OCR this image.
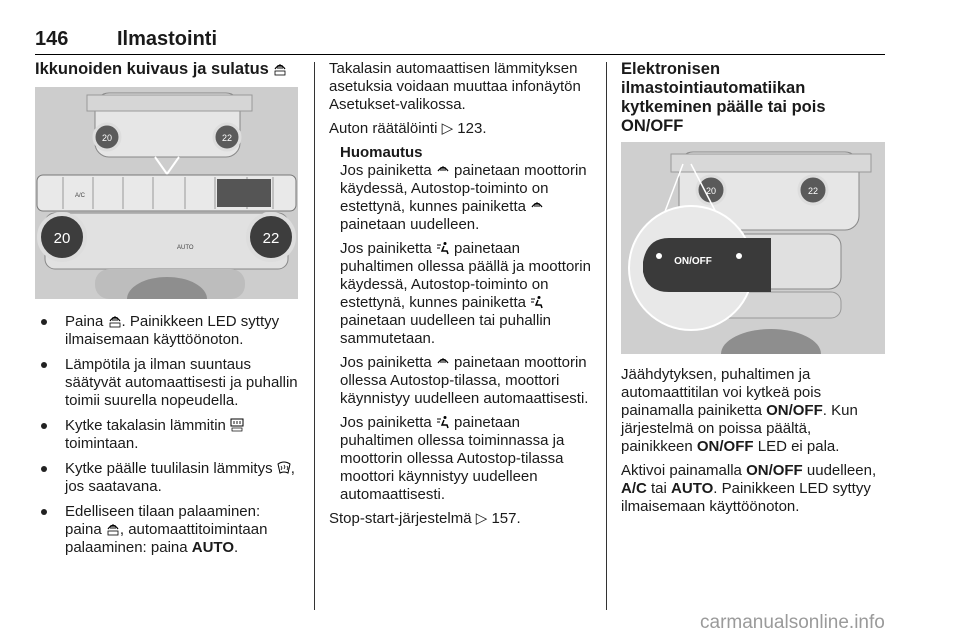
146 Ilmastointi
Ikkunoiden kuivaus ja sulatus
20	22
A/C
20	22
AUTO
Paina
. Painikkeen LED syttyy ilmaisemaan käyttöönoton.
Lämpötila ja ilman suuntaus säätyvät automaattisesti ja puhallin toimii suurella nopeudella.
Kytke takalasin lämmitin
toimintaan.
Kytke päälle tuulilasin lämmitys
, jos saatavana.
Edelliseen tilaan palaaminen: paina
, automaattitoimintaan palaaminen: paina AUTO.

Takalasin automaattisen lämmityksen asetuksia voidaan muuttaa infonäytön Asetukset-valikossa.

Auton räätälöinti ▷ 123.

Huomautus

Jos painiketta
painetaan moottorin käydessä, Autostop-toiminto on estettynä, kunnes painiketta
painetaan uudelleen.

Jos painiketta
painetaan puhaltimen ollessa päällä ja moottorin käydessä, Autostop-toiminto on estettynä, kunnes painiketta
painetaan uudelleen tai puhallin sammutetaan.

Jos painiketta
painetaan moottorin ollessa Autostop-tilassa, moottori käynnistyy uudelleen automaattisesti.

Jos painiketta
painetaan puhaltimen ollessa toiminnassa ja moottorin ollessa Autostop-tilassa moottori käynnistyy uudelleen automaattisesti.

Stop-start-järjestelmä ▷ 157.

Elektronisen ilmastointiautomatiikan kytkeminen päälle tai pois ON/OFF
20	22
ON/OFF

Jäähdytyksen, puhaltimen ja automaattitilan voi kytkeä pois painamalla painiketta ON/OFF. Kun järjestelmä on poissa päältä, painikkeen ON/OFF LED ei pala.

Aktivoi painamalla ON/OFF uudelleen, A/C tai AUTO. Painikkeen LED syttyy ilmaisemaan käyttöönoton.

carmanualsonline.info
